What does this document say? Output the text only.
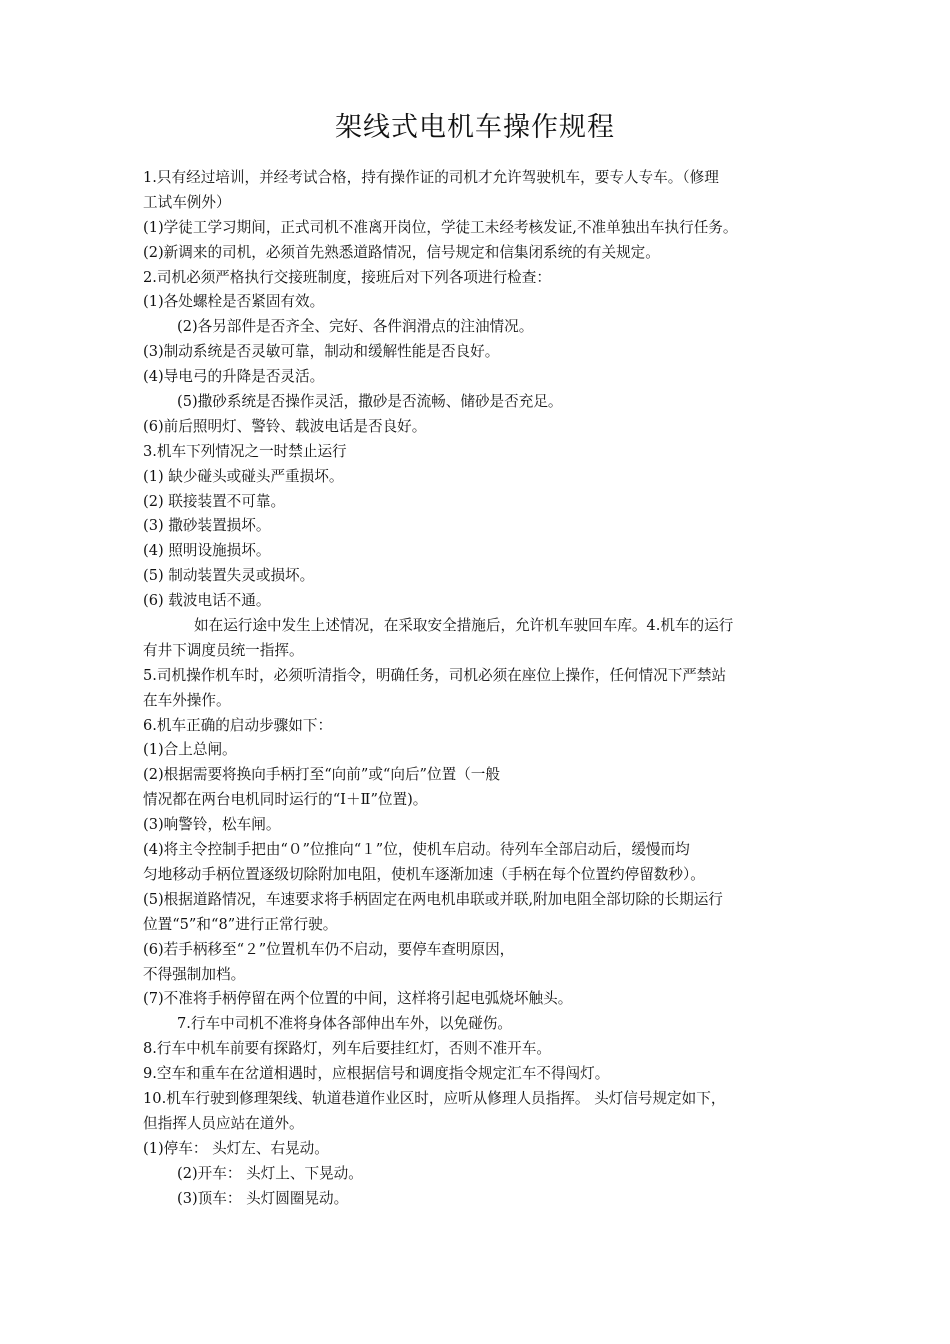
架线式电机车操作规程
1.只有经过培训，并经考试合格，持有操作证的司机才允许驾驶机车，要专人专车。（修理
工试车例外）
(1)学徒工学习期间，正式司机不准离开岗位，学徒工未经考核发证,不准单独出车执行任务。
(2)新调来的司机，必须首先熟悉道路情况，信号规定和信集闭系统的有关规定。
2.司机必须严格执行交接班制度，接班后对下列各项进行检查：
(1)各处螺栓是否紧固有效。
(2)各另部件是否齐全、完好、各件润滑点的注油情况。
(3)制动系统是否灵敏可靠，制动和缓解性能是否良好。
(4)导电弓的升降是否灵活。
(5)撒砂系统是否操作灵活，撒砂是否流畅、储砂是否充足。
(6)前后照明灯、警铃、载波电话是否良好。
3.机车下列情况之一时禁止运行
(1) 缺少碰头或碰头严重损坏。
(2) 联接装置不可靠。
(3) 撒砂装置损坏。
(4) 照明设施损坏。
(5) 制动装置失灵或损坏。
(6) 载波电话不通。
如在运行途中发生上述情况，在采取安全措施后，允许机车驶回车库。4.机车的运行
有井下调度员统一指挥。
5.司机操作机车时，必须听清指令，明确任务，司机必须在座位上操作，任何情况下严禁站
在车外操作。
6.机车正确的启动步骤如下：
(1)合上总闸。
(2)根据需要将换向手柄打至“向前”或“向后”位置（一般
情况都在两台电机同时运行的“Ⅰ＋Ⅱ”位置)。
(3)响警铃，松车闸。
(4)将主令控制手把由“０”位推向“１”位，使机车启动。待列车全部启动后，缓慢而均
匀地移动手柄位置逐级切除附加电阻，使机车逐渐加速（手柄在每个位置约停留数秒）。
(5)根据道路情况，车速要求将手柄固定在两电机串联或并联,附加电阻全部切除的长期运行
位置“5”和“8”进行正常行驶。
(6)若手柄移至“２”位置机车仍不启动，要停车查明原因，
不得强制加档。
(7)不准将手柄停留在两个位置的中间，这样将引起电弧烧坏触头。
7.行车中司机不准将身体各部伸出车外，以免碰伤。
8.行车中机车前要有探路灯，列车后要挂红灯，否则不准开车。
9.空车和重车在岔道相遇时，应根据信号和调度指令规定汇车不得闯灯。
10.机车行驶到修理架线、轨道巷道作业区时，应听从修理人员指挥。 头灯信号规定如下，
但指挥人员应站在道外。
(1)停车： 头灯左、右晃动。
(2)开车： 头灯上、下晃动。
(3)顶车： 头灯圆圈晃动。
